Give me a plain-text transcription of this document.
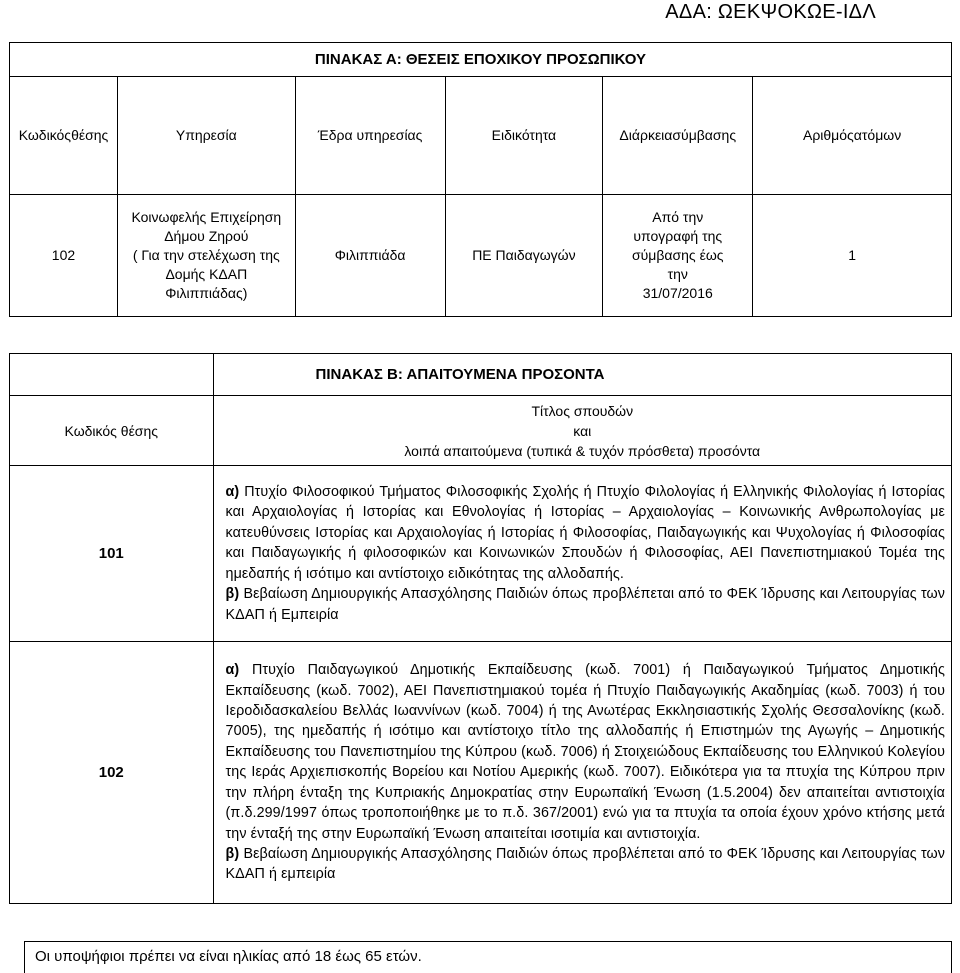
ΑΔΑ: ΩΕΚΨΟΚΩΕ-ΙΔΛ
ΠΙΝΑΚΑΣ Α: ΘΕΣΕΙΣ ΕΠΟΧΙΚΟΥ ΠΡΟΣΩΠΙΚΟΥ					
Κωδικόςθέσης	Υπηρεσία	Έδρα υπηρεσίας	Ειδικότητα	Διάρκειασύμβασης	Αριθμόςατόμων
102	Κοινωφελής Επιχείρηση
Δήμου Ζηρού
( Για την στελέχωση της
Δομής ΚΔΑΠ
Φιλιππιάδας)	Φιλιππιάδα	ΠΕ Παιδαγωγών	Από την
υπογραφή της
σύμβασης έως
την
31/07/2016	1
	ΠΙΝΑΚΑΣ Β: ΑΠΑΙΤΟΥΜΕΝΑ ΠΡΟΣΟΝΤΑ
Κωδικός θέσης	Τίτλος σπουδών
και
λοιπά απαιτούμενα (τυπικά & τυχόν πρόσθετα) προσόντα

101	α) Πτυχίο Φιλοσοφικού Τμήματος Φιλοσοφικής Σχολής ή Πτυχίο Φιλολογίας ή Ελληνικής Φιλολογίας ή Ιστορίας και Αρχαιολογίας ή Ιστορίας και Εθνολογίας ή Ιστορίας – Αρχαιολογίας – Κοινωνικής Ανθρωπολογίας με κατευθύνσεις Ιστορίας και Αρχαιολογίας ή Ιστορίας ή Φιλοσοφίας, Παιδαγωγικής και Ψυχολογίας ή Φιλοσοφίας και Παιδαγωγικής ή φιλοσοφικών και Κοινωνικών Σπουδών ή Φιλοσοφίας, ΑΕΙ Πανεπιστημιακού Τομέα της ημεδαπής ή ισότιμο και αντίστοιχο ειδικότητας της αλλοδαπής.

β) Βεβαίωση Δημιουργικής Απασχόλησης Παιδιών όπως προβλέπεται από το ΦΕΚ Ίδρυσης και Λειτουργίας των ΚΔΑΠ ή Εμπειρία

102	α) Πτυχίο Παιδαγωγικού Δημοτικής Εκπαίδευσης (κωδ. 7001) ή Παιδαγωγικού Τμήματος Δημοτικής Εκπαίδευσης (κωδ. 7002), ΑΕΙ Πανεπιστημιακού τομέα ή Πτυχίο Παιδαγωγικής Ακαδημίας (κωδ. 7003) ή του Ιεροδιδασκαλείου Βελλάς Ιωαννίνων (κωδ. 7004) ή της Ανωτέρας Εκκλησιαστικής Σχολής Θεσσαλονίκης (κωδ. 7005), της ημεδαπής ή ισότιμο και αντίστοιχο τίτλο της αλλοδαπής ή Επιστημών της Αγωγής – Δημοτικής Εκπαίδευσης του Πανεπιστημίου της Κύπρου (κωδ. 7006) ή Στοιχειώδους Εκπαίδευσης του Ελληνικού Κολεγίου της Ιεράς Αρχιεπισκοπής Βορείου και Νοτίου Αμερικής (κωδ. 7007). Ειδικότερα για τα πτυχία της Κύπρου πριν την πλήρη ένταξη της Κυπριακής Δημοκρατίας στην Ευρωπαϊκή Ένωση (1.5.2004) δεν απαιτείται αντιστοιχία (π.δ.299/1997 όπως τροποποιήθηκε με το π.δ. 367/2001) ενώ για τα πτυχία τα οποία έχουν χρόνο κτήσης μετά την ένταξή της στην Ευρωπαϊκή Ένωση απαιτείται ισοτιμία και αντιστοιχία.

β) Βεβαίωση Δημιουργικής Απασχόλησης Παιδιών όπως προβλέπεται από το ΦΕΚ Ίδρυσης και Λειτουργίας των ΚΔΑΠ ή εμπειρία

Οι υποψήφιοι πρέπει να είναι ηλικίας από 18 έως 65 ετών.
